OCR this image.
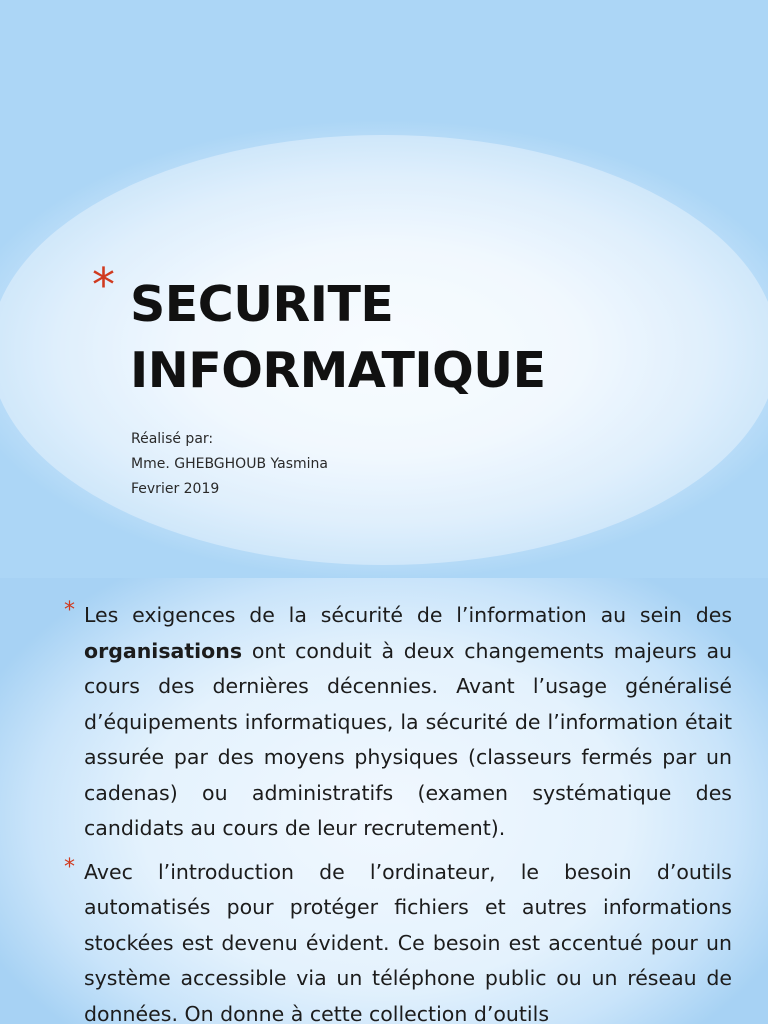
* SECURITE
INFORMATIQUE
Réalisé par:
Mme. GHEBGHOUB Yasmina
Fevrier 2019

* Les exigences de la sécurité de l’information au sein des organisations ont conduit à deux changements majeurs au cours des dernières décennies. Avant l’usage généralisé d’équipements informatiques, la sécurité de l’information était assurée par des moyens physiques (classeurs fermés par un cadenas) ou administratifs (examen systématique des candidats au cours de leur recrutement).

* Avec l’introduction de l’ordinateur, le besoin d’outils automatisés pour protéger fichiers et autres informations stockées est devenu évident. Ce besoin est accentué pour un système accessible via un téléphone public ou un réseau de données. On donne à cette collection d’outils
